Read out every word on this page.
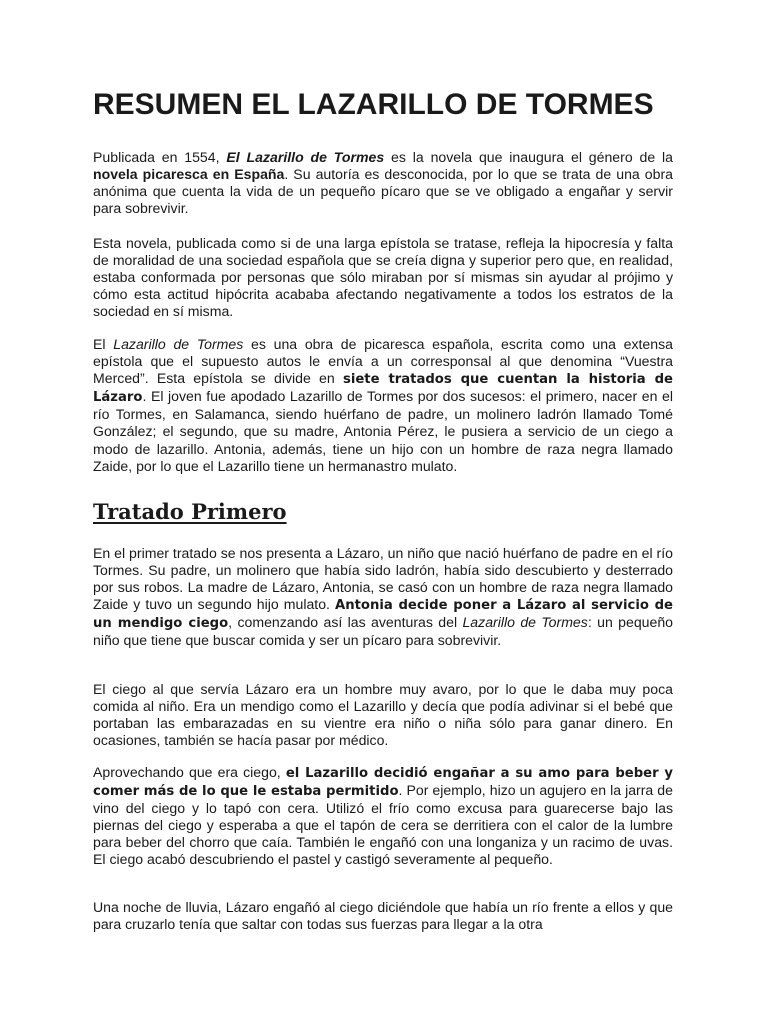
RESUMEN EL LAZARILLO DE TORMES

Publicada en 1554, El Lazarillo de Tormes es la novela que inaugura el género de la novela picaresca en España. Su autoría es desconocida, por lo que se trata de una obra anónima que cuenta la vida de un pequeño pícaro que se ve obligado a engañar y servir para sobrevivir.

Esta novela, publicada como si de una larga epístola se tratase, refleja la hipocresía y falta de moralidad de una sociedad española que se creía digna y superior pero que, en realidad, estaba conformada por personas que sólo miraban por sí mismas sin ayudar al prójimo y cómo esta actitud hipócrita acababa afectando negativamente a todos los estratos de la sociedad en sí misma.

El Lazarillo de Tormes es una obra de picaresca española, escrita como una extensa epístola que el supuesto autos le envía a un corresponsal al que denomina “Vuestra Merced”. Esta epístola se divide en siete tratados que cuentan la historia de Lázaro. El joven fue apodado Lazarillo de Tormes por dos sucesos: el primero, nacer en el río Tormes, en Salamanca, siendo huérfano de padre, un molinero ladrón llamado Tomé González; el segundo, que su madre, Antonia Pérez, le pusiera a servicio de un ciego a modo de lazarillo. Antonia, además, tiene un hijo con un hombre de raza negra llamado Zaide, por lo que el Lazarillo tiene un hermanastro mulato.

Tratado Primero

En el primer tratado se nos presenta a Lázaro, un niño que nació huérfano de padre en el río Tormes. Su padre, un molinero que había sido ladrón, había sido descubierto y desterrado por sus robos. La madre de Lázaro, Antonia, se casó con un hombre de raza negra llamado Zaide y tuvo un segundo hijo mulato. Antonia decide poner a Lázaro al servicio de un mendigo ciego, comenzando así las aventuras del Lazarillo de Tormes: un pequeño niño que tiene que buscar comida y ser un pícaro para sobrevivir.

El ciego al que servía Lázaro era un hombre muy avaro, por lo que le daba muy poca comida al niño. Era un mendigo como el Lazarillo y decía que podía adivinar si el bebé que portaban las embarazadas en su vientre era niño o niña sólo para ganar dinero. En ocasiones, también se hacía pasar por médico.

Aprovechando que era ciego, el Lazarillo decidió engañar a su amo para beber y comer más de lo que le estaba permitido. Por ejemplo, hizo un agujero en la jarra de vino del ciego y lo tapó con cera. Utilizó el frío como excusa para guarecerse bajo las piernas del ciego y esperaba a que el tapón de cera se derritiera con el calor de la lumbre para beber del chorro que caía. También le engañó con una longaniza y un racimo de uvas. El ciego acabó descubriendo el pastel y castigó severamente al pequeño.

Una noche de lluvia, Lázaro engañó al ciego diciéndole que había un río frente a ellos y que para cruzarlo tenía que saltar con todas sus fuerzas para llegar a la otra
